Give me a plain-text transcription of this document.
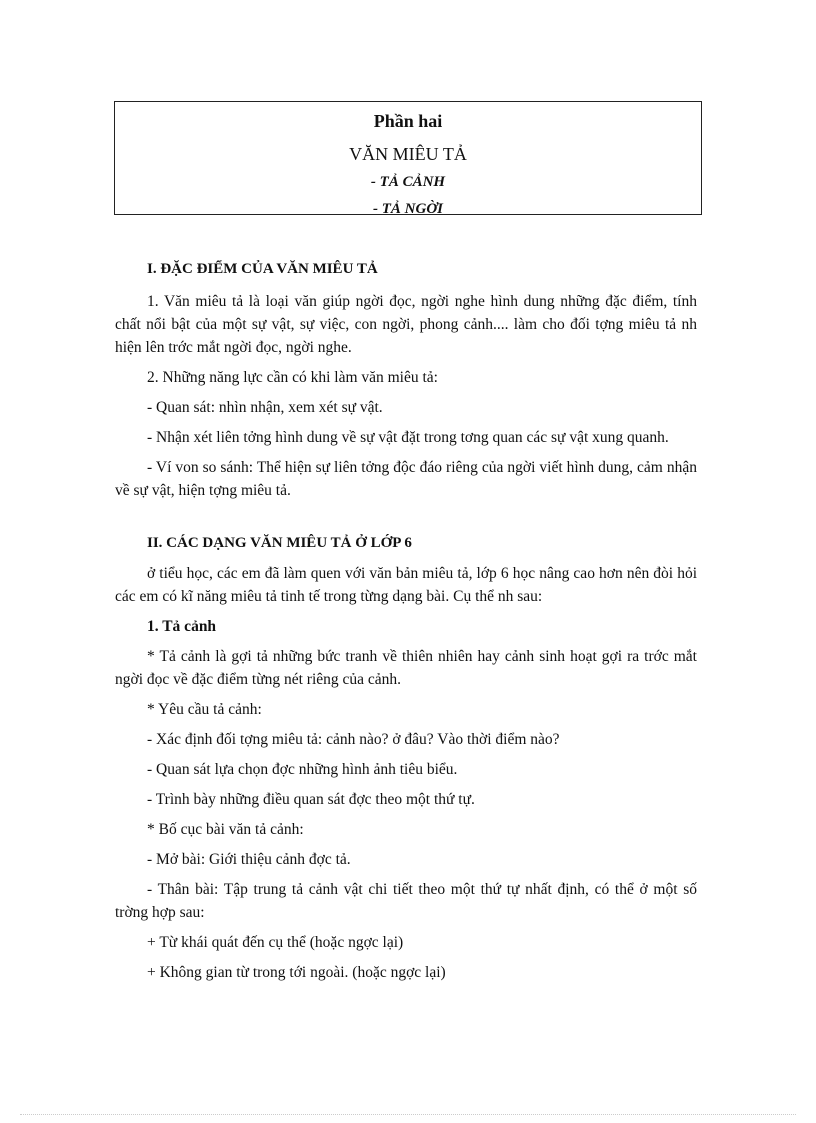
Phần hai
VĂN MIÊU TẢ
- TẢ CẢNH
- TẢ NGỜI

I. ĐẶC ĐIỂM CỦA VĂN MIÊU TẢ

1. Văn miêu tả là loại văn giúp ngời đọc, ngời nghe hình dung những đặc điểm, tính chất nổi bật của một sự vật, sự việc, con ngời, phong cảnh.... làm cho đối tợng miêu tả nh hiện lên trớc mắt ngời đọc, ngời nghe.

2. Những năng lực cần có khi làm văn miêu tả:

- Quan sát: nhìn nhận, xem xét sự vật.

- Nhận xét liên tởng hình dung về sự vật đặt trong tơng quan các sự vật xung quanh.

- Ví von so sánh: Thể hiện sự liên tởng độc đáo riêng của ngời viết hình dung, cảm nhận về sự vật, hiện tợng miêu tả.

II. CÁC DẠNG VĂN MIÊU TẢ Ở LỚP 6

ở tiểu học, các em đã làm quen với văn bản miêu tả, lớp 6 học nâng cao hơn nên đòi hỏi các em có kĩ năng miêu tả tinh tế trong từng dạng bài. Cụ thể nh sau:

1. Tả cảnh

* Tả cảnh là gợi tả những bức tranh về thiên nhiên hay cảnh sinh hoạt gợi ra trớc mắt ngời đọc về đặc điểm từng nét riêng của cảnh.

* Yêu cầu tả cảnh:

- Xác định đối tợng miêu tả: cảnh nào? ở đâu? Vào thời điểm nào?

- Quan sát lựa chọn đợc những hình ảnh tiêu biểu.

- Trình bày những điều quan sát đợc theo một thứ tự.

* Bố cục bài văn tả cảnh:

- Mở bài: Giới thiệu cảnh đợc tả.

- Thân bài: Tập trung tả cảnh vật chi tiết theo một thứ tự nhất định, có thể ở một số trờng hợp sau:

+ Từ khái quát đến cụ thể (hoặc ngợc lại)

+ Không gian từ trong tới ngoài. (hoặc ngợc lại)
